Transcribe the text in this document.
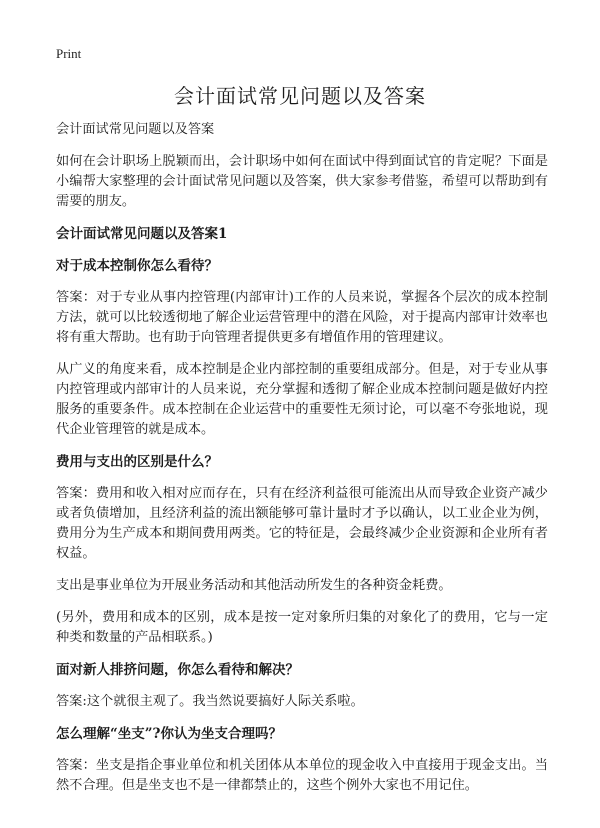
Print
会计面试常见问题以及答案

会计面试常见问题以及答案

如何在会计职场上脱颖而出，会计职场中如何在面试中得到面试官的肯定呢？下面是小编帮大家整理的会计面试常见问题以及答案，供大家参考借鉴，希望可以帮助到有需要的朋友。

会计面试常见问题以及答案1
对于成本控制你怎么看待？

答案：对于专业从事内控管理(内部审计)工作的人员来说，掌握各个层次的成本控制方法，就可以比较透彻地了解企业运营管理中的潜在风险，对于提高内部审计效率也将有重大帮助。也有助于向管理者提供更多有增值作用的管理建议。

从广义的角度来看，成本控制是企业内部控制的重要组成部分。但是，对于专业从事内控管理或内部审计的人员来说，充分掌握和透彻了解企业成本控制问题是做好内控服务的重要条件。成本控制在企业运营中的重要性无须讨论，可以毫不夸张地说，现代企业管理管的就是成本。

费用与支出的区别是什么？

答案：费用和收入相对应而存在，只有在经济利益很可能流出从而导致企业资产减少或者负债增加，且经济利益的流出额能够可靠计量时才予以确认，以工业企业为例，费用分为生产成本和期间费用两类。它的特征是，会最终减少企业资源和企业所有者权益。

支出是事业单位为开展业务活动和其他活动所发生的各种资金耗费。

(另外，费用和成本的区别，成本是按一定对象所归集的对象化了的费用，它与一定种类和数量的产品相联系。)

面对新人排挤问题，你怎么看待和解决？

答案:这个就很主观了。我当然说要搞好人际关系啦。

怎么理解“坐支”?你认为坐支合理吗？

答案：坐支是指企事业单位和机关团体从本单位的现金收入中直接用于现金支出。当然不合理。但是坐支也不是一律都禁止的，这些个例外大家也不用记住。
